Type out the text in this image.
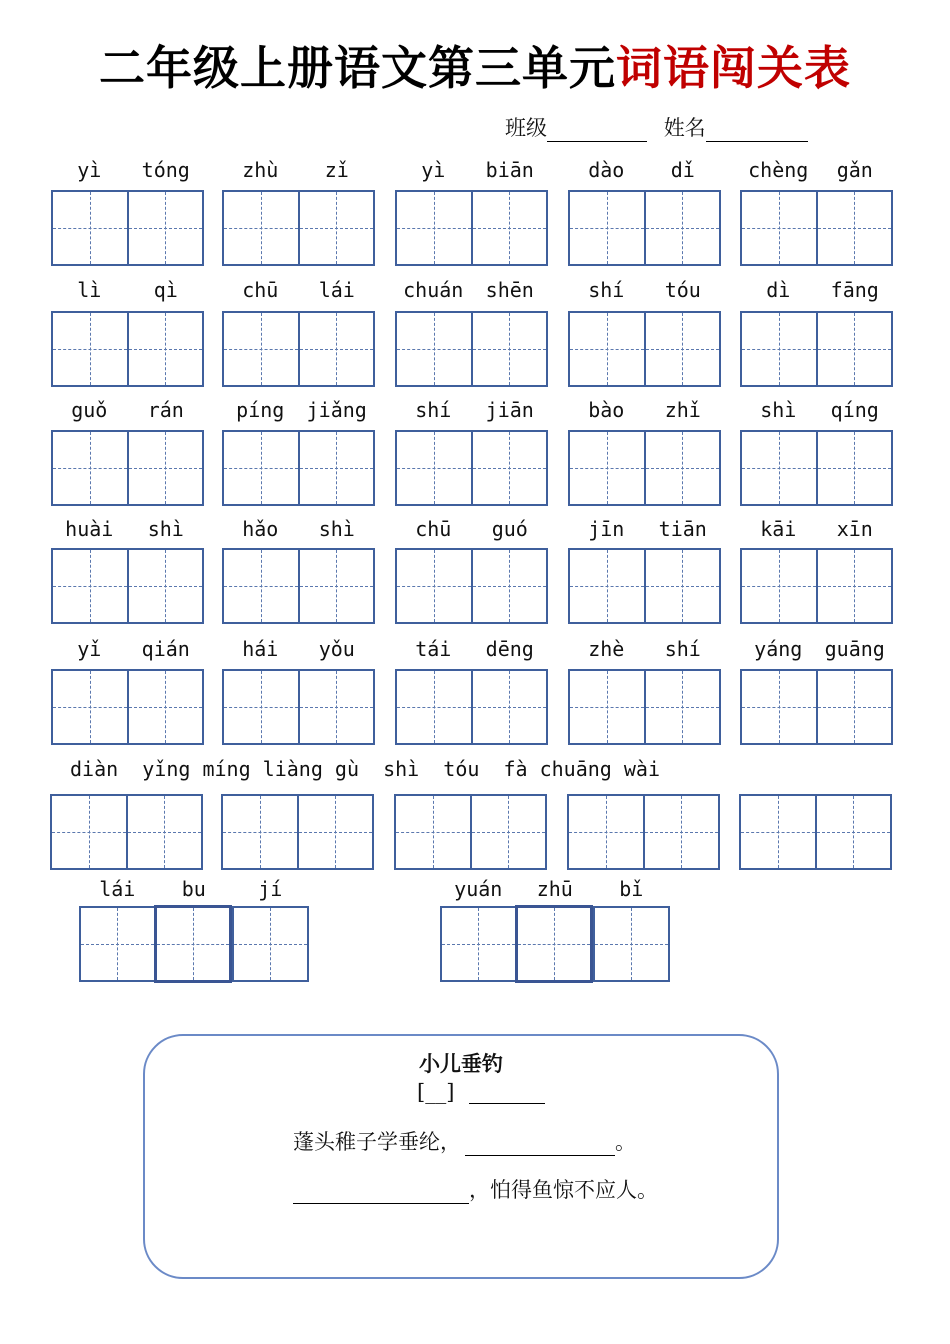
二年级上册语文第三单元词语闯关表
班级	姓名
yì	tóng	zhù	zǐ	yì	biān	dào	dǐ	chèng	gǎn
lì	qì	chū	lái	chuán	shēn	shí	tóu	dì	fāng
guǒ	rán	píng	jiǎng	shí	jiān	bào	zhǐ	shì	qíng
huài	shì	hǎo	shì	chū	guó	jīn	tiān	kāi	xīn
yǐ	qián	hái	yǒu	tái	dēng	zhè	shí	yáng	guāng
diàn  yǐng míng liàng gù  shì  tóu  fà chuāng wài
lái	bu	jí	yuán	zhū	bǐ
小儿垂钓
[__]
蓬头稚子学垂纶，	。
，怕得鱼惊不应人。
